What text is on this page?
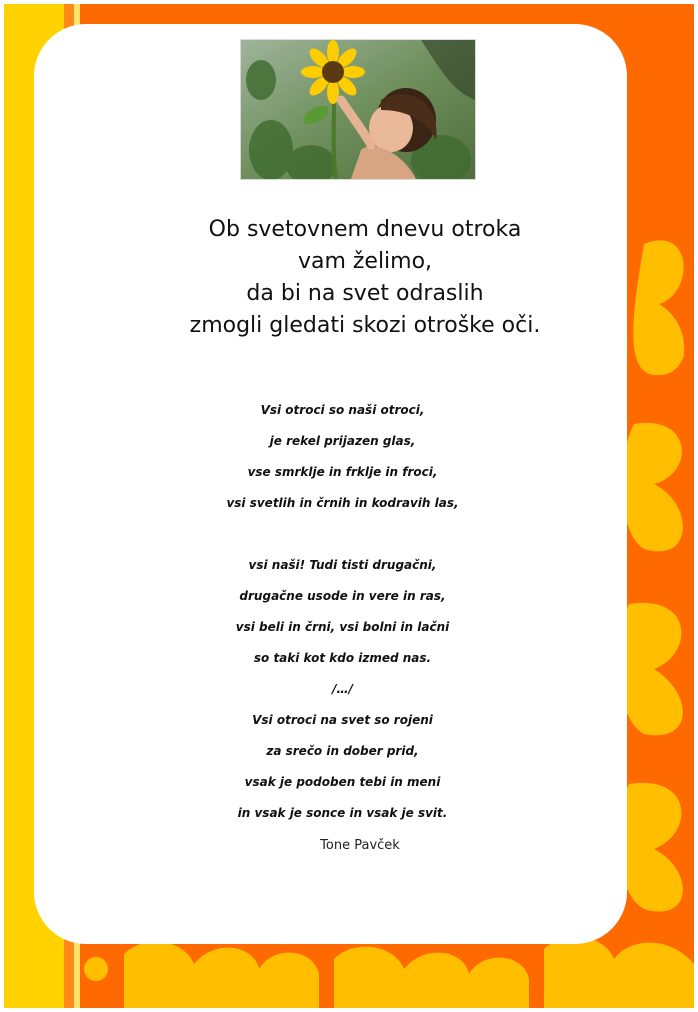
Ob svetovnem dnevu otroka
vam želimo,
da bi na svet odraslih
zmogli gledati skozi otroške oči.
Vsi otroci so naši otroci,
je rekel prijazen glas,
vse smrklje in frklje in froci,
vsi svetlih in črnih in kodravih las,
vsi naši! Tudi tisti drugačni,
drugačne usode in vere in ras,
vsi beli in črni, vsi bolni in lačni
so taki kot kdo izmed nas.
/…/
Vsi otroci na svet so rojeni
za srečo in dober prid,
vsak je podoben tebi in meni
in vsak je sonce in vsak je svit.
Tone Pavček
